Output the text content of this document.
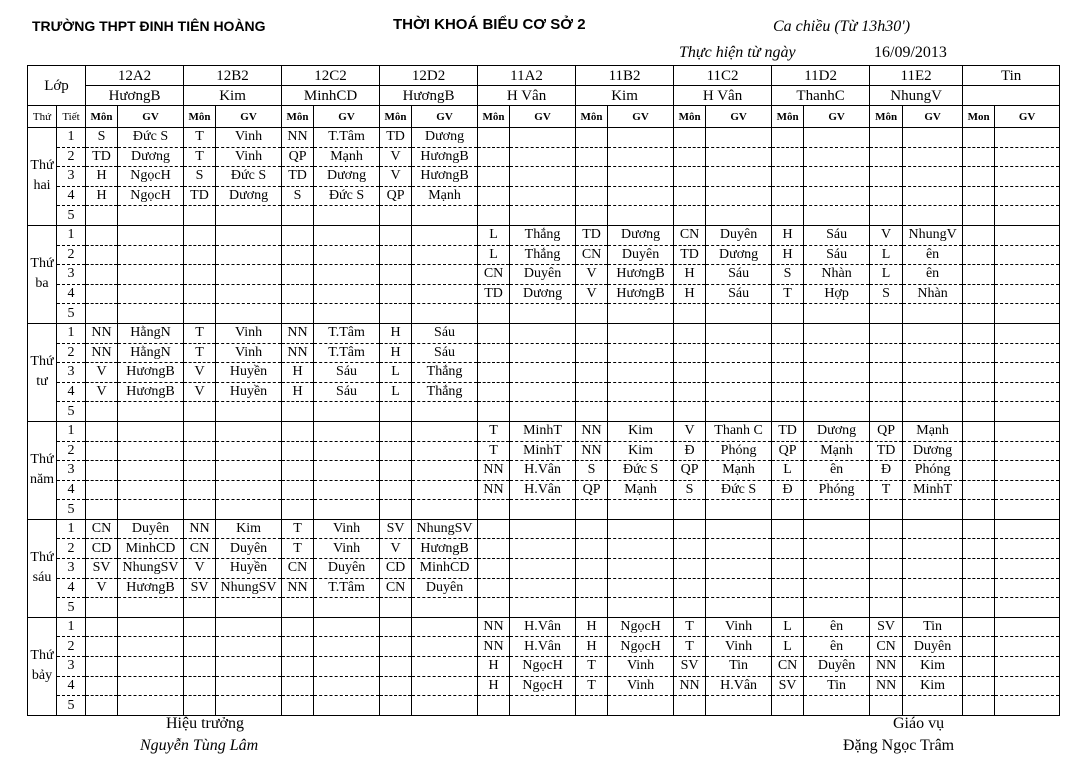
TRƯỜNG THPT ĐINH TIÊN HOÀNG	THỜI KHOÁ BIỂU CƠ SỞ 2	Ca chiều (Từ 13h30')
Thực hiện từ ngày	16/09/2013
Lớp		12A2		12B2		12C2		12D2		11A2		11B2		11C2		11D2		11E2		Tin	
		HươngB		Kim		MinhCD		HươngB		H Vân		Kim		H Vân		ThanhC		NhungV			
Thứ	Tiết	Môn	GV	Môn	GV	Môn	GV	Môn	GV	Môn	GV	Môn	GV	Môn	GV	Môn	GV	Môn	GV	Mon	GV
Thứ hai	1	S	Đức S	T	Vinh	NN	T.Tâm	TD	Dương												
	2	TD	Dương	T	Vinh	QP	Mạnh	V	HươngB												
	3	H	NgọcH	S	Đức S	TD	Dương	V	HươngB												
	4	H	NgọcH	TD	Dương	S	Đức S	QP	Mạnh												
	5																				
Thứ ba	1									L	Thắng	TD	Dương	CN	Duyên	H	Sáu	V	NhungV		
	2									L	Thắng	CN	Duyên	TD	Dương	H	Sáu	L	ên		
	3									CN	Duyên	V	HươngB	H	Sáu	S	Nhàn	L	ên		
	4									TD	Dương	V	HươngB	H	Sáu	T	Hợp	S	Nhàn		
	5																				
Thứ tư	1	NN	HằngN	T	Vinh	NN	T.Tâm	H	Sáu												
	2	NN	HằngN	T	Vinh	NN	T.Tâm	H	Sáu												
	3	V	HươngB	V	Huyền	H	Sáu	L	Thắng												
	4	V	HươngB	V	Huyền	H	Sáu	L	Thắng												
	5																				
Thứ năm	1									T	MinhT	NN	Kim	V	Thanh C	TD	Dương	QP	Mạnh		
	2									T	MinhT	NN	Kim	Đ	Phóng	QP	Mạnh	TD	Dương		
	3									NN	H.Vân	S	Đức S	QP	Mạnh	L	ên	Đ	Phóng		
	4									NN	H.Vân	QP	Mạnh	S	Đức S	Đ	Phóng	T	MinhT		
	5																				
Thứ sáu	1	CN	Duyên	NN	Kim	T	Vinh	SV	NhungSV												
	2	CD	MinhCD	CN	Duyên	T	Vinh	V	HươngB												
	3	SV	NhungSV	V	Huyền	CN	Duyên	CD	MinhCD												
	4	V	HươngB	SV	NhungSV	NN	T.Tâm	CN	Duyên												
	5																				
Thứ bảy	1									NN	H.Vân	H	NgọcH	T	Vinh	L	ên	SV	Tin		
	2									NN	H.Vân	H	NgọcH	T	Vinh	L	ên	CN	Duyên		
	3									H	NgọcH	T	Vinh	SV	Tin	CN	Duyên	NN	Kim		
	4									H	NgọcH	T	Vinh	NN	H.Vân	SV	Tin	NN	Kim		
	5																				
Hiệu trưởng
Nguyễn Tùng Lâm
Giáo vụ
Đặng Ngọc Trâm
